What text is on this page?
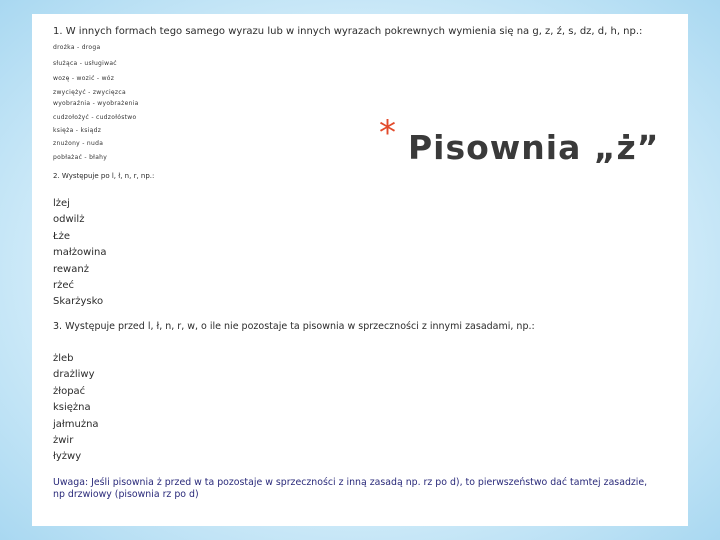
1. W innych formach tego samego wyrazu lub w innych wyrazach pokrewnych wymienia się na g, z, ź, s, dz, d, h, np.:
drożka - droga
służąca - usługiwać
wozę - wozić - wóz
zwyciężyć - zwycięzca
wyobraźnia - wyobrażenia
cudzołożyć - cudzołóstwo
księża - ksiądz
znużony - nuda
pobłażać - błahy
2. Występuje po l, ł, n, r, np.:
lżej
odwilż
Łże
małżowina
rewanż
rżeć
Skarżysko
3. Występuje przed l, ł, n, r, w, o ile nie pozostaje ta pisownia w sprzeczności z innymi zasadami, np.:
żleb
drażliwy
żłopać
księżna
jałmużna
żwir
łyżwy
Uwaga: Jeśli pisownia ż przed w ta pozostaje w sprzeczności z inną zasadą np. rz po d), to pierwszeństwo dać tamtej zasadzie, np drzwiowy (pisownia rz po d)
* Pisownia „ż”
